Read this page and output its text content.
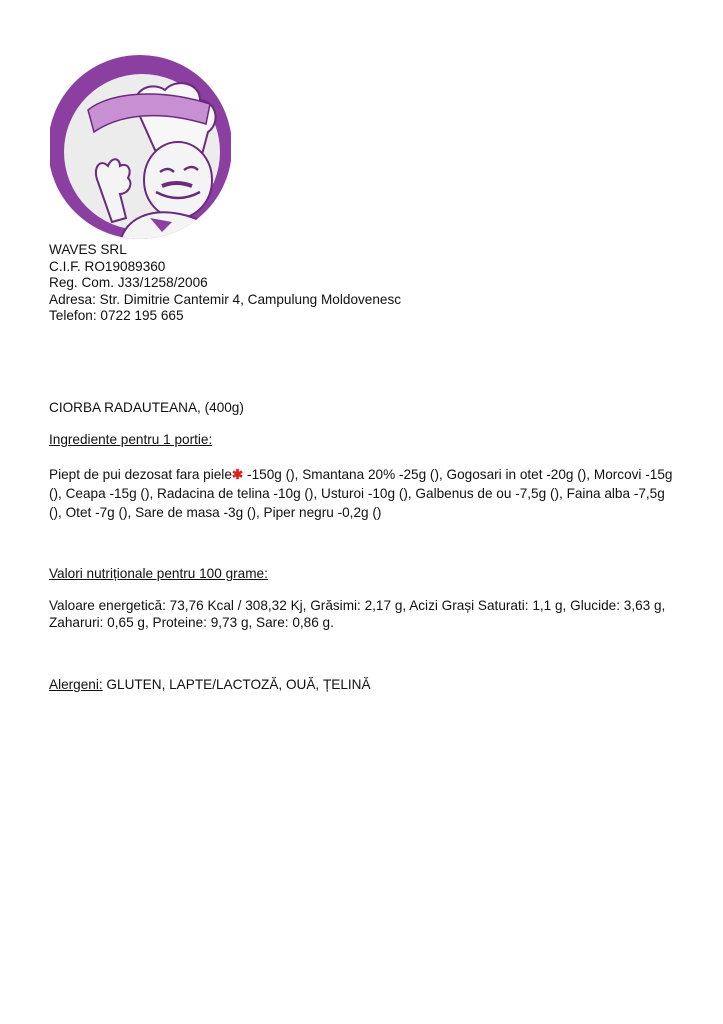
WAVES SRL
C.I.F. RO19089360
Reg. Com. J33/1258/2006
Adresa: Str. Dimitrie Cantemir 4, Campulung Moldovenesc
Telefon: 0722 195 665
CIORBA RADAUTEANA, (400g)
Ingrediente pentru 1 portie:
Piept de pui dezosat fara piele✱ -150g (), Smantana 20% -25g (), Gogosari in otet -20g (), Morcovi -15g (), Ceapa -15g (), Radacina de telina -10g (), Usturoi -10g (), Galbenus de ou -7,5g (), Faina alba -7,5g (), Otet -7g (), Sare de masa -3g (), Piper negru -0,2g ()
Valori nutriționale pentru 100 grame:
Valoare energetică: 73,76 Kcal / 308,32 Kj, Grăsimi: 2,17 g, Acizi Grași Saturati: 1,1 g, Glucide: 3,63 g, Zaharuri: 0,65 g, Proteine: 9,73 g, Sare: 0,86 g.
Alergeni: GLUTEN, LAPTE/LACTOZĂ, OUĂ, ȚELINĂ
